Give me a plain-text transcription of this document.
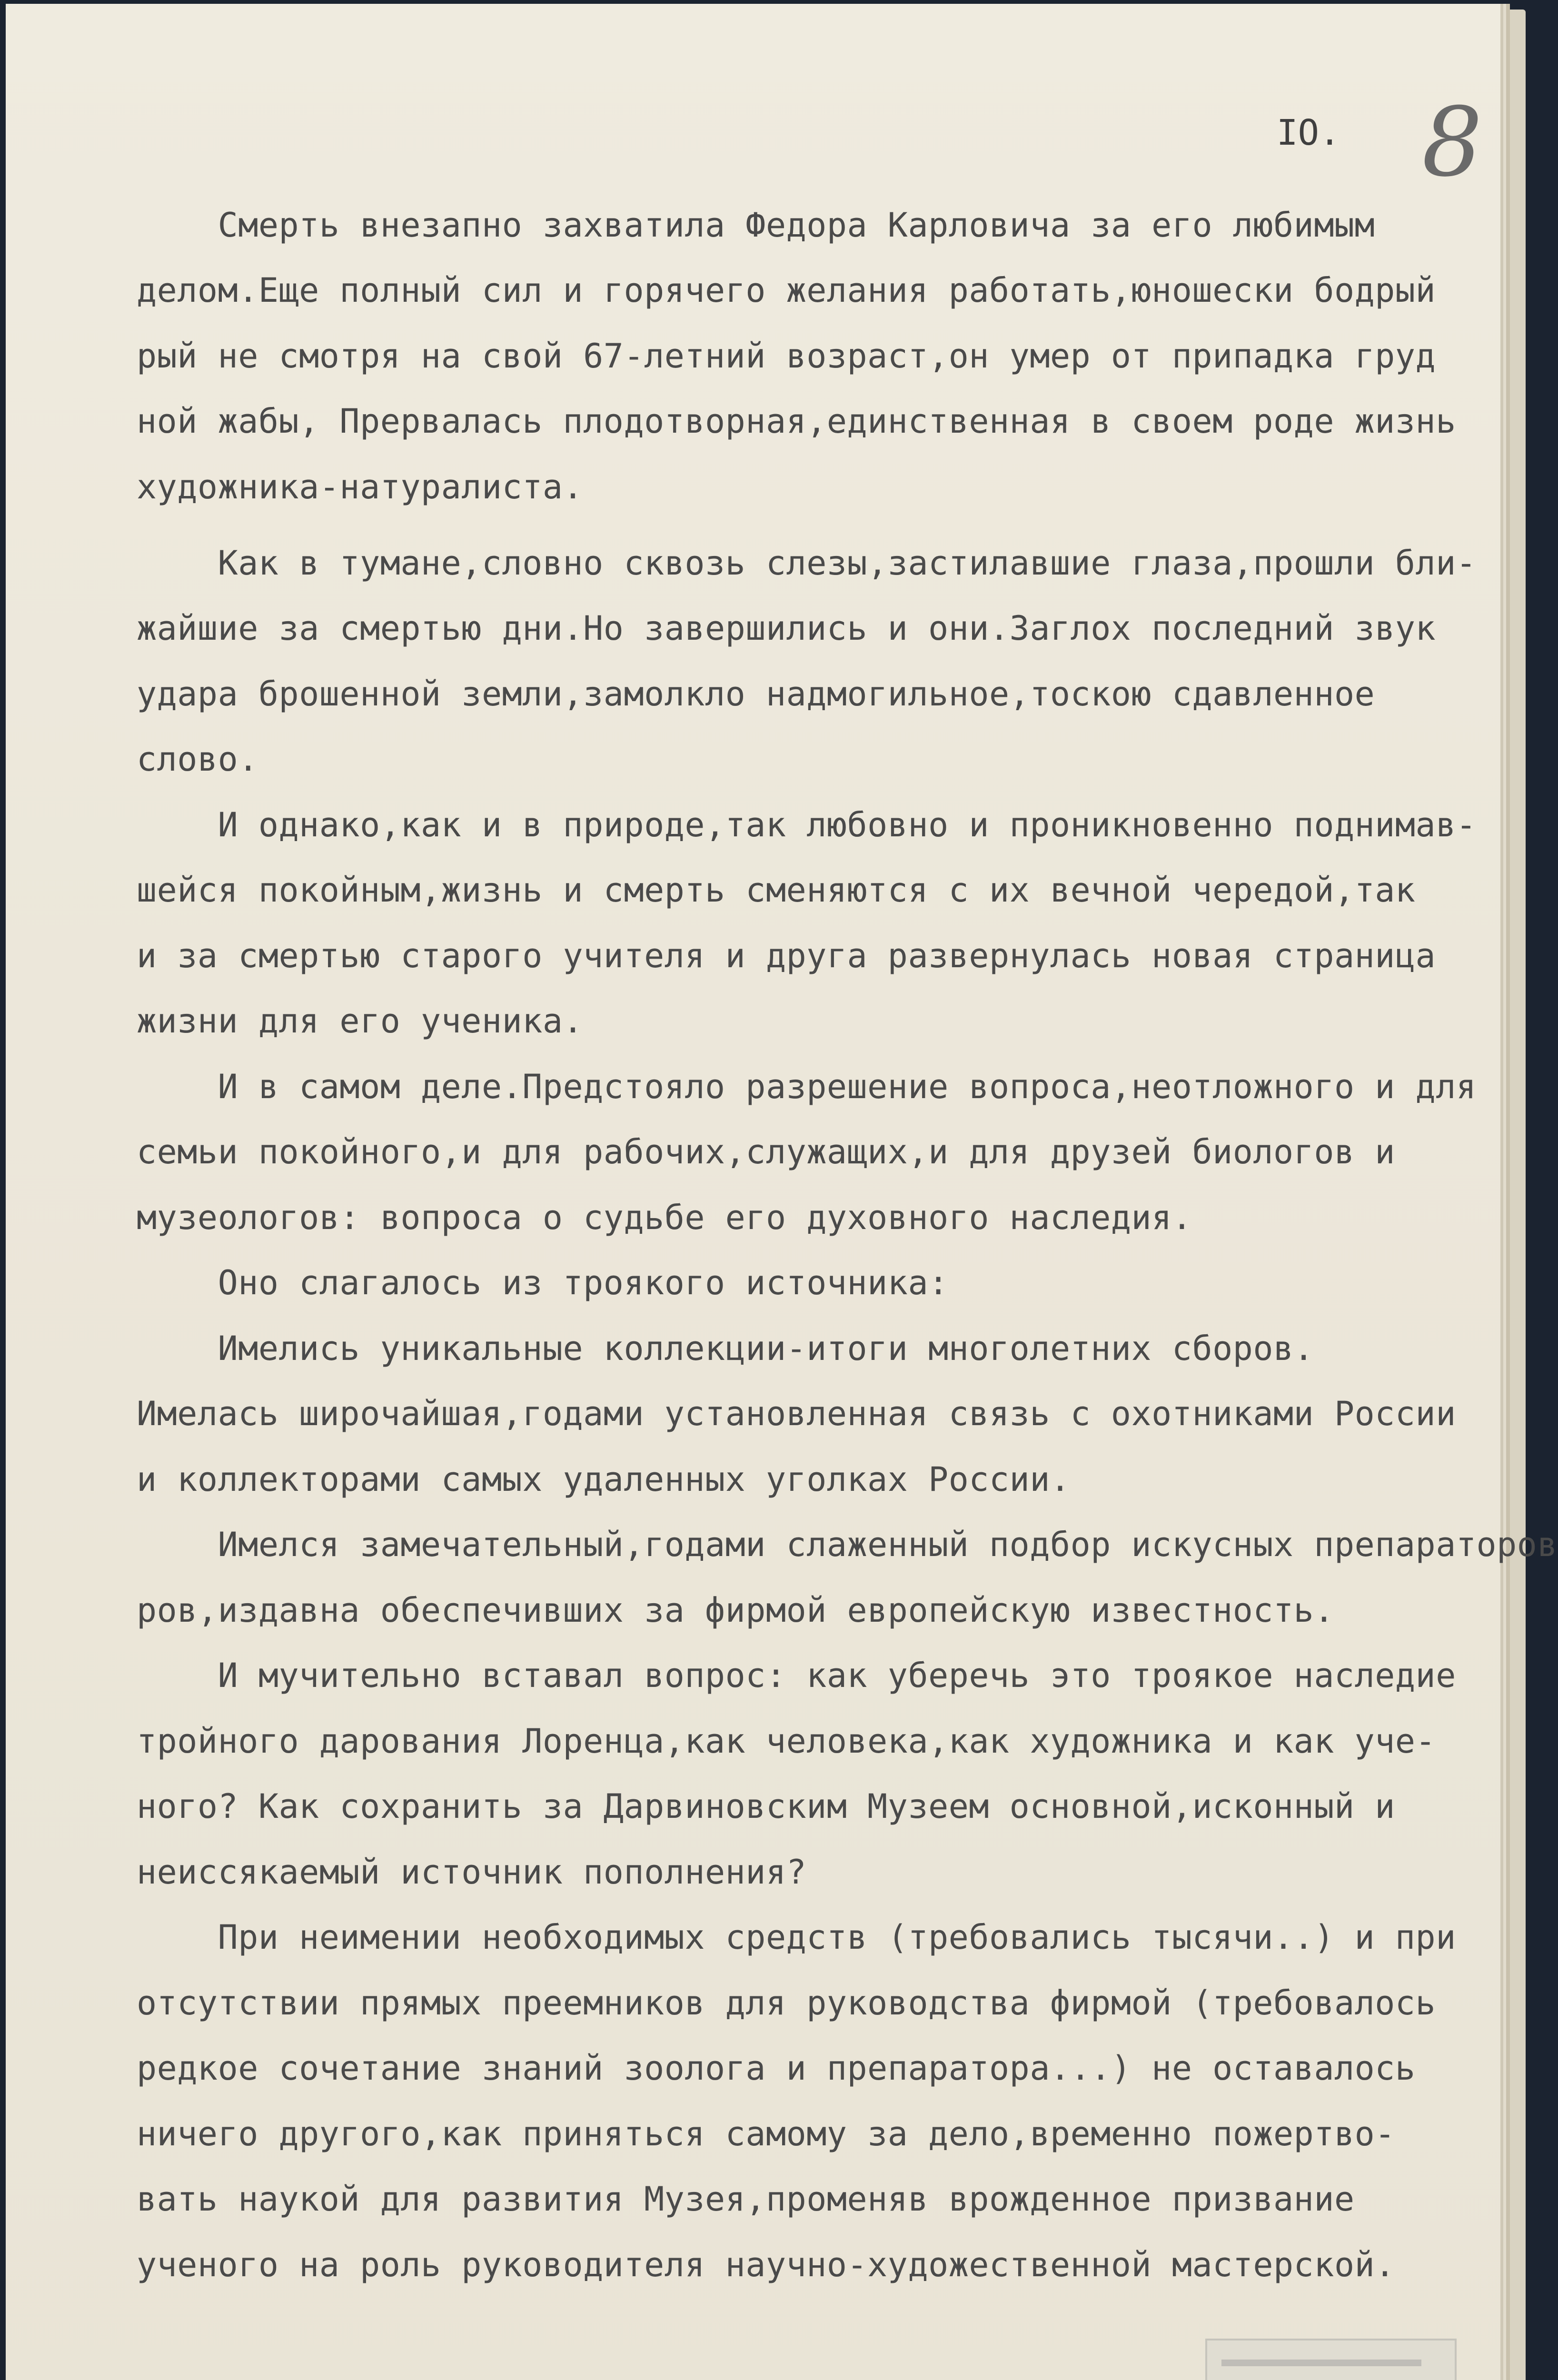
IO. 8

Смерть внезапно захватила Федора Карловича за его любимым

делом.Еще полный сил и горячего желания работать,юношески бодрый

рый не смотря на свой 67-летний возраст,он умер от припадка груд

ной жабы, Прервалась плодотворная,единственная в своем роде жизнь

художника-натуралиста.

Как в тумане,словно сквозь слезы,застилавшие глаза,прошли бли-

жайшие за смертью дни.Но завершились и они.Заглох последний звук

удара брошенной земли,замолкло надмогильное,тоскою сдавленное

слово.

И однако,как и в природе,так любовно и проникновенно поднимав-

шейся покойным,жизнь и смерть сменяются с их вечной чередой,так

и за смертью старого учителя и друга развернулась новая страница

жизни для его ученика.

И в самом деле.Предстояло разрешение вопроса,неотложного и для

семьи покойного,и для рабочих,служащих,и для друзей биологов и

музеологов: вопроса о судьбе его духовного наследия.

Оно слагалось из троякого источника:

Имелись уникальные коллекции-итоги многолетних сборов.

Имелась широчайшая,годами установленная связь с охотниками России

и коллекторами самых удаленных уголках России.

Имелся замечательный,годами слаженный подбор искусных препараторов

ров,издавна обеспечивших за фирмой европейскую известность.

И мучительно вставал вопрос: как уберечь это троякое наследие

тройного дарования Лоренца,как человека,как художника и как уче-

ного? Как сохранить за Дарвиновским Музеем основной,исконный и

неиссякаемый источник пополнения?

При неимении необходимых средств (требовались тысячи..) и при

отсутствии прямых преемников для руководства фирмой (требовалось

редкое сочетание знаний зоолога и препаратора...) не оставалось

ничего другого,как приняться самому за дело,временно пожертво-

вать наукой для развития Музея,променяв врожденное призвание

ученого на роль руководителя научно-художественной мастерской.
